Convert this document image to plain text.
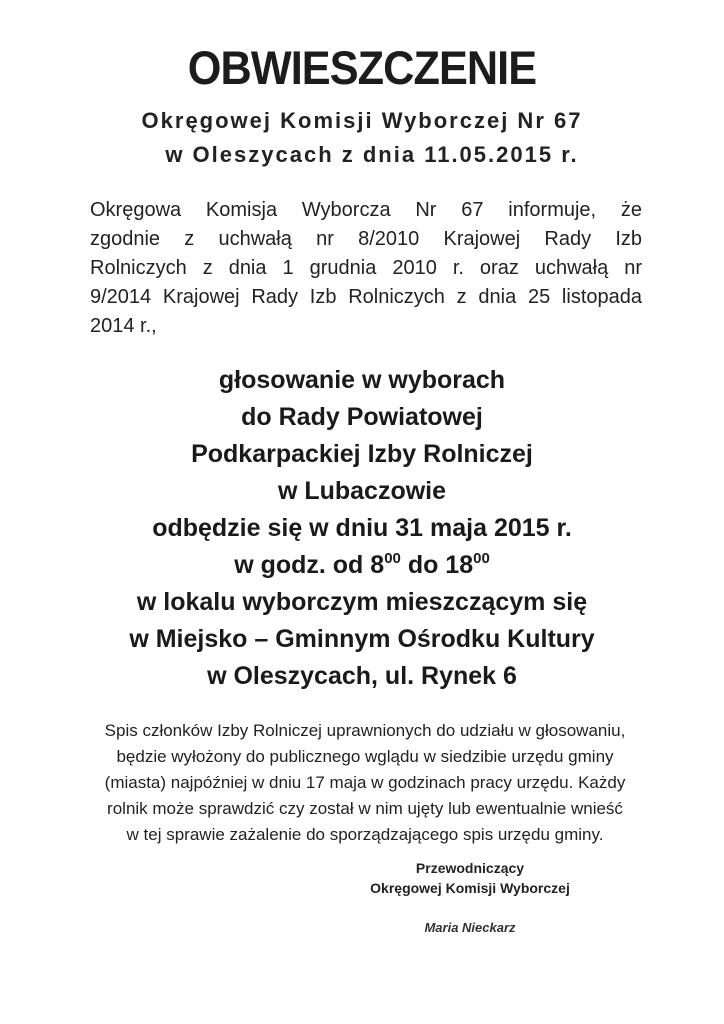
OBWIESZCZENIE
Okręgowej Komisji Wyborczej Nr 67
w Oleszycach z dnia 11.05.2015 r.
Okręgowa Komisja Wyborcza Nr 67 informuje, że
zgodnie z uchwałą nr 8/2010 Krajowej Rady Izb
Rolniczych z dnia 1 grudnia 2010 r. oraz uchwałą nr
9/2014 Krajowej Rady Izb Rolniczych z dnia 25 listopada
2014 r.,
głosowanie w wyborach
do Rady Powiatowej
Podkarpackiej Izby Rolniczej
w Lubaczowie
odbędzie się w dniu 31 maja 2015 r.
w godz. od $8^{00}$ do $18^{00}$
w lokalu wyborczym mieszczącym się
w Miejsko – Gminnym Ośrodku Kultury
w Oleszycach, ul. Rynek 6
Spis członków Izby Rolniczej uprawnionych do udziału w głosowaniu,
będzie wyłożony do publicznego wglądu w siedzibie urzędu gminy
(miasta) najpóźniej w dniu 17 maja w godzinach pracy urzędu. Każdy
rolnik może sprawdzić czy został w nim ujęty lub ewentualnie wnieść
w tej sprawie zażalenie do sporządzającego spis urzędu gminy.
Przewodniczący
Okręgowej Komisji Wyborczej
Maria Nieckarz
